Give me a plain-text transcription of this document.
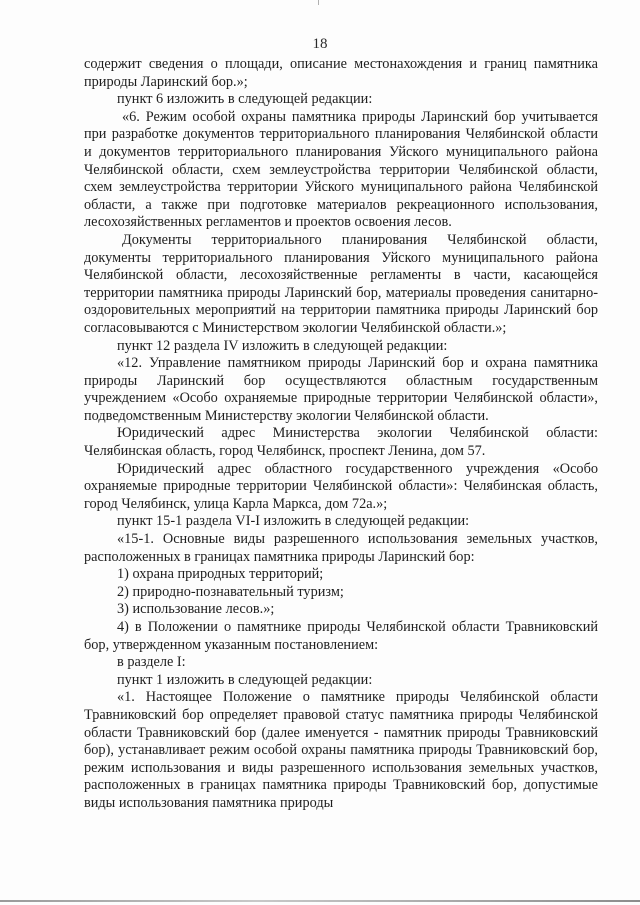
18

содержит сведения о площади, описание местонахождения и границ памятника природы Ларинский бор.»;

пункт 6 изложить в следующей редакции:

«6. Режим особой охраны памятника природы Ларинский бор учитывается при разработке документов территориального планирования Челябинской области и документов территориального планирования Уйского муниципального района Челябинской области, схем землеустройства территории Челябинской области, схем землеустройства территории Уйского муниципального района Челябинской области, а также при подготовке материалов рекреационного использования, лесохозяйственных регламентов и проектов освоения лесов.

Документы территориального планирования Челябинской области, документы территориального планирования Уйского муниципального района Челябинской области, лесохозяйственные регламенты в части, касающейся территории памятника природы Ларинский бор, материалы проведения санитарно-оздоровительных мероприятий на территории памятника природы Ларинский бор согласовываются с Министерством экологии Челябинской области.»;

пункт 12 раздела IV изложить в следующей редакции:

«12. Управление памятником природы Ларинский бор и охрана памятника природы Ларинский бор осуществляются областным государственным учреждением «Особо охраняемые природные территории Челябинской области», подведомственным Министерству экологии Челябинской области.

Юридический адрес Министерства экологии Челябинской области: Челябинская область, город Челябинск, проспект Ленина, дом 57.

Юридический адрес областного государственного учреждения «Особо охраняемые природные территории Челябинской области»: Челябинская область, город Челябинск, улица Карла Маркса, дом 72а.»;

пункт 15-1 раздела VI-I изложить в следующей редакции:

«15-1. Основные виды разрешенного использования земельных участков, расположенных в границах памятника природы Ларинский бор:

1) охрана природных территорий;

2) природно-познавательный туризм;

3) использование лесов.»;

4) в Положении о памятнике природы Челябинской области Травниковский бор, утвержденном указанным постановлением:

в разделе I:

пункт 1 изложить в следующей редакции:

«1. Настоящее Положение о памятнике природы Челябинской области Травниковский бор определяет правовой статус памятника природы Челябинской области Травниковский бор (далее именуется - памятник природы Травниковский бор), устанавливает режим особой охраны памятника природы Травниковский бор, режим использования и виды разрешенного использования земельных участков, расположенных в границах памятника природы Травниковский бор, допустимые виды использования памятника природы
